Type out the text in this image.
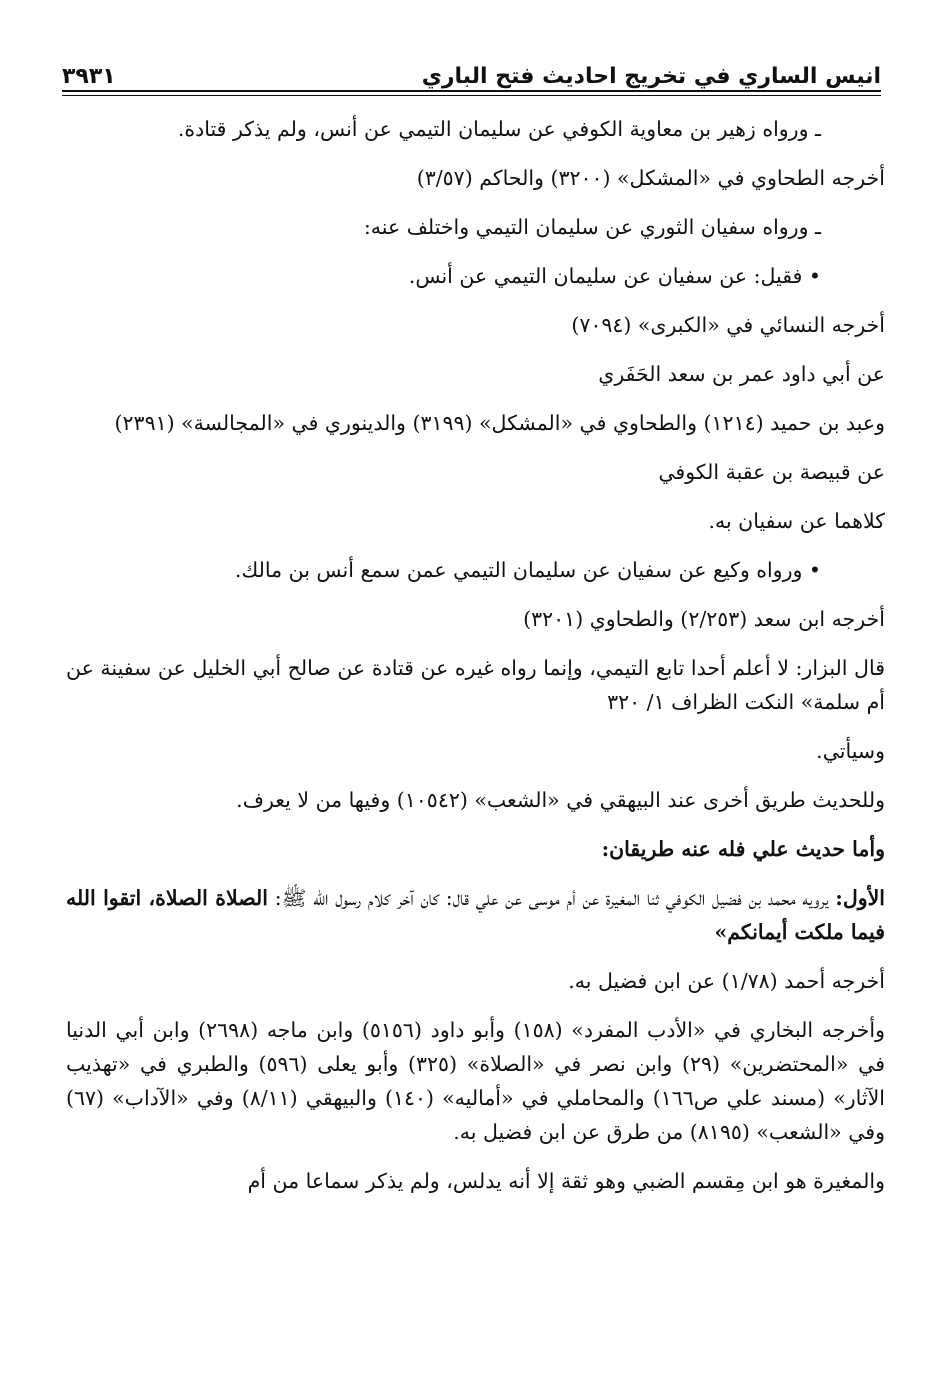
انيس الساري في تخريج احاديث فتح الباري
٣٩٣١

ـ ورواه زهير بن معاوية الكوفي عن سليمان التيمي عن أنس، ولم يذكر قتادة.

أخرجه الطحاوي في «المشكل» (٣٢٠٠) والحاكم (٣/٥٧)

ـ ورواه سفيان الثوري عن سليمان التيمي واختلف عنه:

• فقيل: عن سفيان عن سليمان التيمي عن أنس.

أخرجه النسائي في «الكبرى» (٧٠٩٤)

عن أبي داود عمر بن سعد الحَفَري

وعبد بن حميد (١٢١٤) والطحاوي في «المشكل» (٣١٩٩) والدينوري في «المجالسة» (٢٣٩١)

عن قبيصة بن عقبة الكوفي

كلاهما عن سفيان به.

• ورواه وكيع عن سفيان عن سليمان التيمي عمن سمع أنس بن مالك.

أخرجه ابن سعد (٢/٢٥٣) والطحاوي (٣٢٠١)

قال البزار: لا أعلم أحدا تابع التيمي، وإنما رواه غيره عن قتادة عن صالح أبي الخليل عن سفينة عن أم سلمة» النكت الظراف ١/ ٣٢٠

وسيأتي.

وللحديث طريق أخرى عند البيهقي في «الشعب» (١٠٥٤٢) وفيها من لا يعرف.

وأما حديث علي فله عنه طريقان:

الأول: يرويه محمد بن فضيل الكوفي ثنا المغيرة عن أم موسى عن علي قال: كان آخر كلام رسول الله ﷺ: الصلاة الصلاة، اتقوا الله فيما ملكت أيمانكم»

أخرجه أحمد (١/٧٨) عن ابن فضيل به.

وأخرجه البخاري في «الأدب المفرد» (١٥٨) وأبو داود (٥١٥٦) وابن ماجه (٢٦٩٨) وابن أبي الدنيا في «المحتضرين» (٢٩) وابن نصر في «الصلاة» (٣٢٥) وأبو يعلى (٥٩٦) والطبري في «تهذيب الآثار» (مسند علي ص١٦٦) والمحاملي في «أماليه» (١٤٠) والبيهقي (٨/١١) وفي «الآداب» (٦٧) وفي «الشعب» (٨١٩٥) من طرق عن ابن فضيل به.

والمغيرة هو ابن مِقسم الضبي وهو ثقة إلا أنه يدلس، ولم يذكر سماعا من أم
